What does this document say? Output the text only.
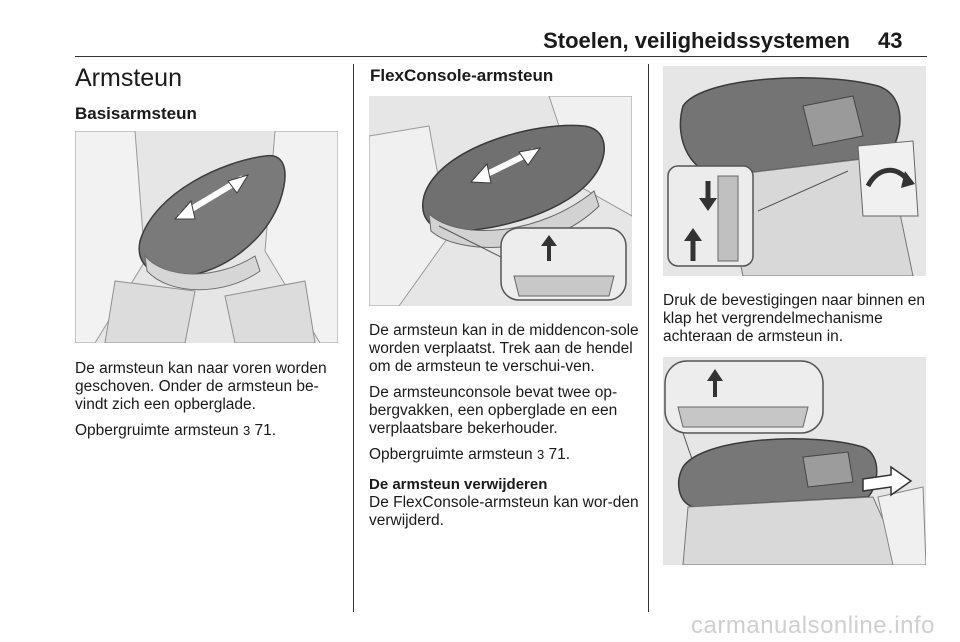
Stoelen, veiligheidssystemen 43
Armsteun
Basisarmsteun

De armsteun kan naar voren worden geschoven. Onder de armsteun be-vindt zich een opberglade.

Opbergruimte armsteun 3 71.

FlexConsole-armsteun

De armsteun kan in de middencon-sole worden verplaatst. Trek aan de hendel om de armsteun te verschui-ven.

De armsteunconsole bevat twee op-bergvakken, een opberglade en een verplaatsbare bekerhouder.

Opbergruimte armsteun 3 71.

De armsteun verwijderen

De FlexConsole-armsteun kan wor-den verwijderd.

Druk de bevestigingen naar binnen en klap het vergrendelmechanisme achteraan de armsteun in.
carmanualsonline.info
